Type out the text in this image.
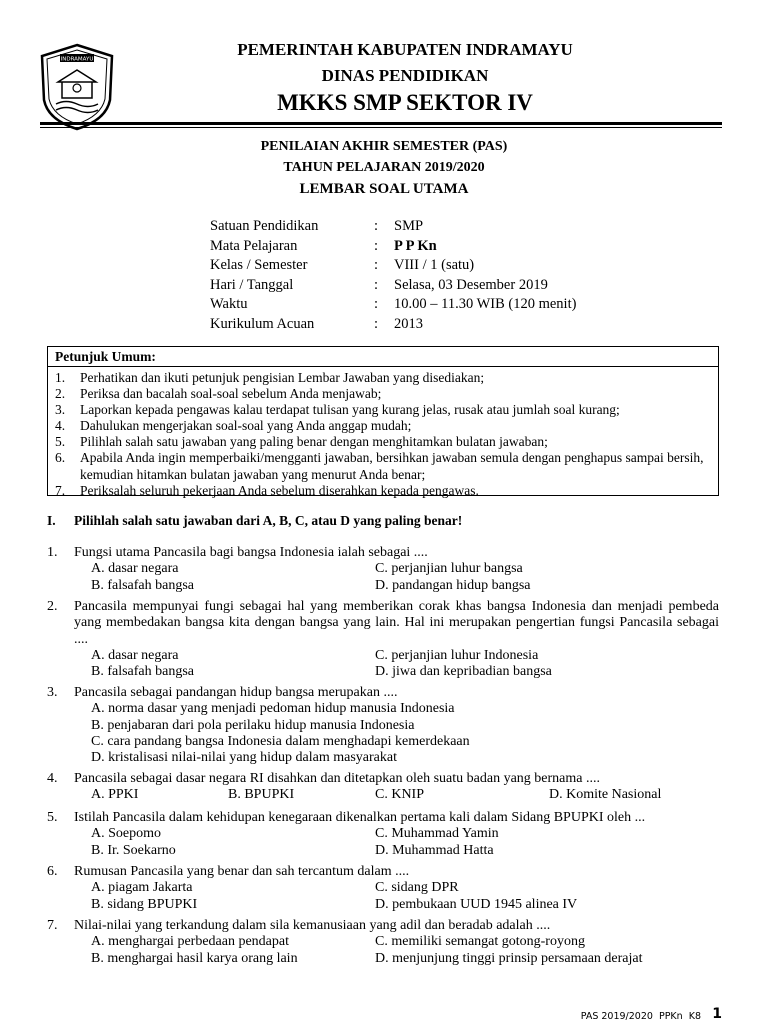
INDRAMAYU
PEMERINTAH KABUPATEN INDRAMAYU
DINAS PENDIDIKAN
MKKS SMP SEKTOR IV
PENILAIAN AKHIR SEMESTER (PAS)
TAHUN PELAJARAN 2019/2020
LEMBAR SOAL UTAMA
Satuan Pendidikan	: SMP
Mata Pelajaran	: P P Kn
Kelas / Semester	: VIII / 1 (satu)
Hari / Tanggal	: Selasa, 03 Desember 2019
Waktu	: 10.00 – 11.30 WIB (120 menit)
Kurikulum Acuan	: 2013
Petunjuk Umum:
1. Perhatikan dan ikuti petunjuk pengisian Lembar Jawaban yang disediakan;
2. Periksa dan bacalah soal-soal sebelum Anda menjawab;
3. Laporkan kepada pengawas kalau terdapat tulisan yang kurang jelas, rusak atau jumlah soal kurang;
4. Dahulukan mengerjakan soal-soal yang Anda anggap mudah;
5. Pilihlah salah satu jawaban yang paling benar dengan menghitamkan bulatan jawaban;
6. Apabila Anda ingin memperbaiki/mengganti jawaban, bersihkan jawaban semula dengan penghapus sampai bersih, kemudian hitamkan bulatan jawaban yang menurut Anda benar;
7. Periksalah seluruh pekerjaan Anda sebelum diserahkan kepada pengawas.
I. Pilihlah salah satu jawaban dari A, B, C, atau D yang paling benar!
1. Fungsi utama Pancasila bagi bangsa Indonesia ialah sebagai ....
A. dasar negara	C. perjanjian luhur bangsa
B. falsafah bangsa	D. pandangan hidup bangsa
2. Pancasila mempunyai fungi sebagai hal yang memberikan corak khas bangsa Indonesia dan menjadi pembeda yang membedakan bangsa kita dengan bangsa yang lain. Hal ini merupakan pengertian fungsi Pancasila sebagai ....
A. dasar negara	C. perjanjian luhur Indonesia
B. falsafah bangsa	D. jiwa dan kepribadian bangsa
3. Pancasila sebagai pandangan hidup bangsa merupakan ....
A. norma dasar yang menjadi pedoman hidup manusia Indonesia
B. penjabaran dari pola perilaku hidup manusia Indonesia
C. cara pandang bangsa Indonesia dalam menghadapi kemerdekaan
D. kristalisasi nilai-nilai yang hidup dalam masyarakat
4. Pancasila sebagai dasar negara RI disahkan dan ditetapkan oleh suatu badan yang bernama ....
A. PPKI	B. BPUPKI	C. KNIP	D. Komite Nasional
5. Istilah Pancasila dalam kehidupan kenegaraan dikenalkan pertama kali dalam Sidang BPUPKI oleh ...
A. Soepomo	C. Muhammad Yamin
B. Ir. Soekarno	D. Muhammad Hatta
6. Rumusan Pancasila yang benar dan sah tercantum dalam ....
A. piagam Jakarta	C. sidang DPR
B. sidang BPUPKI	D. pembukaan UUD 1945 alinea IV
7. Nilai-nilai yang terkandung dalam sila kemanusiaan yang adil dan beradab adalah ....
A. menghargai perbedaan pendapat	C. memiliki semangat gotong-royong
B. menghargai hasil karya orang lain	D. menjunjung tinggi prinsip persamaan derajat
PAS 2019/2020  PPKn  K8 1
